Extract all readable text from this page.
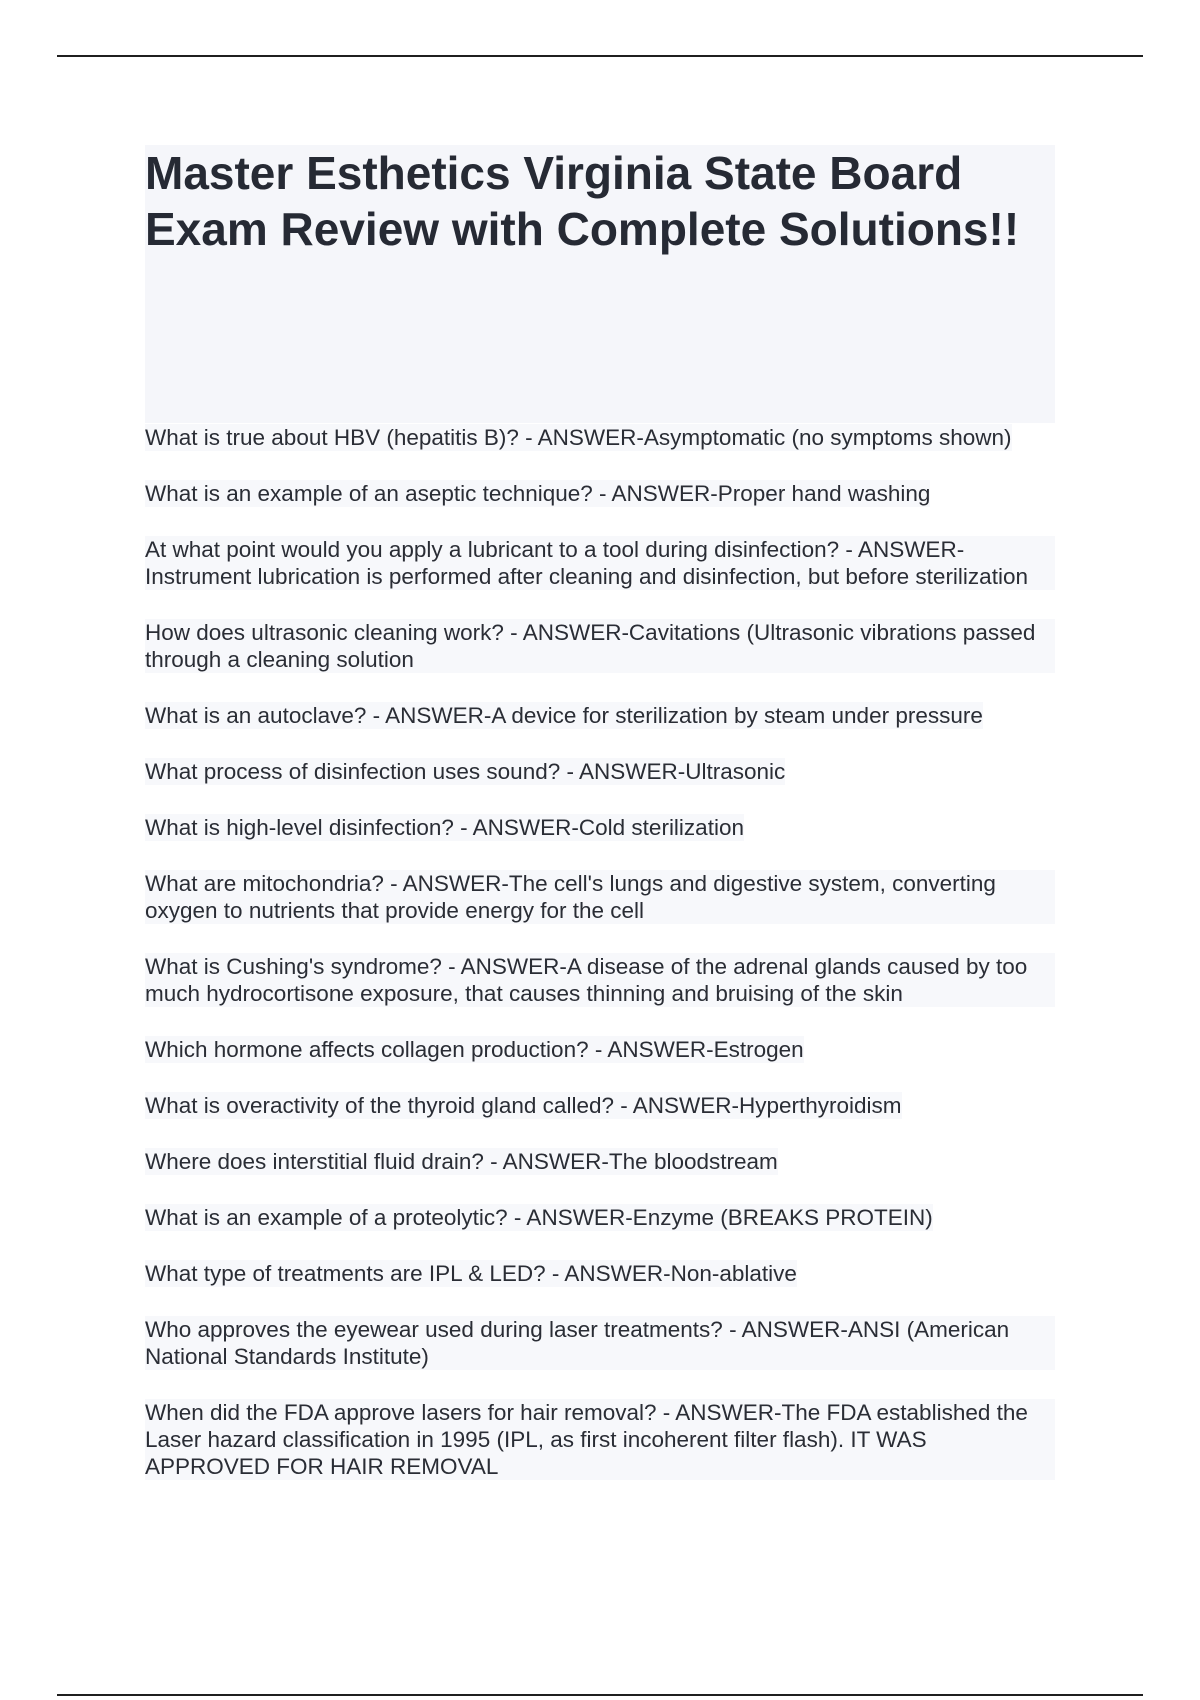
Master Esthetics Virginia State Board Exam Review with Complete Solutions!!
What is true about HBV (hepatitis B)? - ANSWER-Asymptomatic (no symptoms shown)
What is an example of an aseptic technique? - ANSWER-Proper hand washing
At what point would you apply a lubricant to a tool during disinfection? - ANSWER-Instrument lubrication is performed after cleaning and disinfection, but before sterilization
How does ultrasonic cleaning work? - ANSWER-Cavitations (Ultrasonic vibrations passed through a cleaning solution
What is an autoclave? - ANSWER-A device for sterilization by steam under pressure
What process of disinfection uses sound? - ANSWER-Ultrasonic
What is high-level disinfection? - ANSWER-Cold sterilization
What are mitochondria? - ANSWER-The cell's lungs and digestive system, converting oxygen to nutrients that provide energy for the cell
What is Cushing's syndrome? - ANSWER-A disease of the adrenal glands caused by too much hydrocortisone exposure, that causes thinning and bruising of the skin
Which hormone affects collagen production? - ANSWER-Estrogen
What is overactivity of the thyroid gland called? - ANSWER-Hyperthyroidism
Where does interstitial fluid drain? - ANSWER-The bloodstream
What is an example of a proteolytic? - ANSWER-Enzyme (BREAKS PROTEIN)
What type of treatments are IPL & LED? - ANSWER-Non-ablative
Who approves the eyewear used during laser treatments? - ANSWER-ANSI (American National Standards Institute)
When did the FDA approve lasers for hair removal? - ANSWER-The FDA established the Laser hazard classification in 1995 (IPL, as first incoherent filter flash). IT WAS APPROVED FOR HAIR REMOVAL
